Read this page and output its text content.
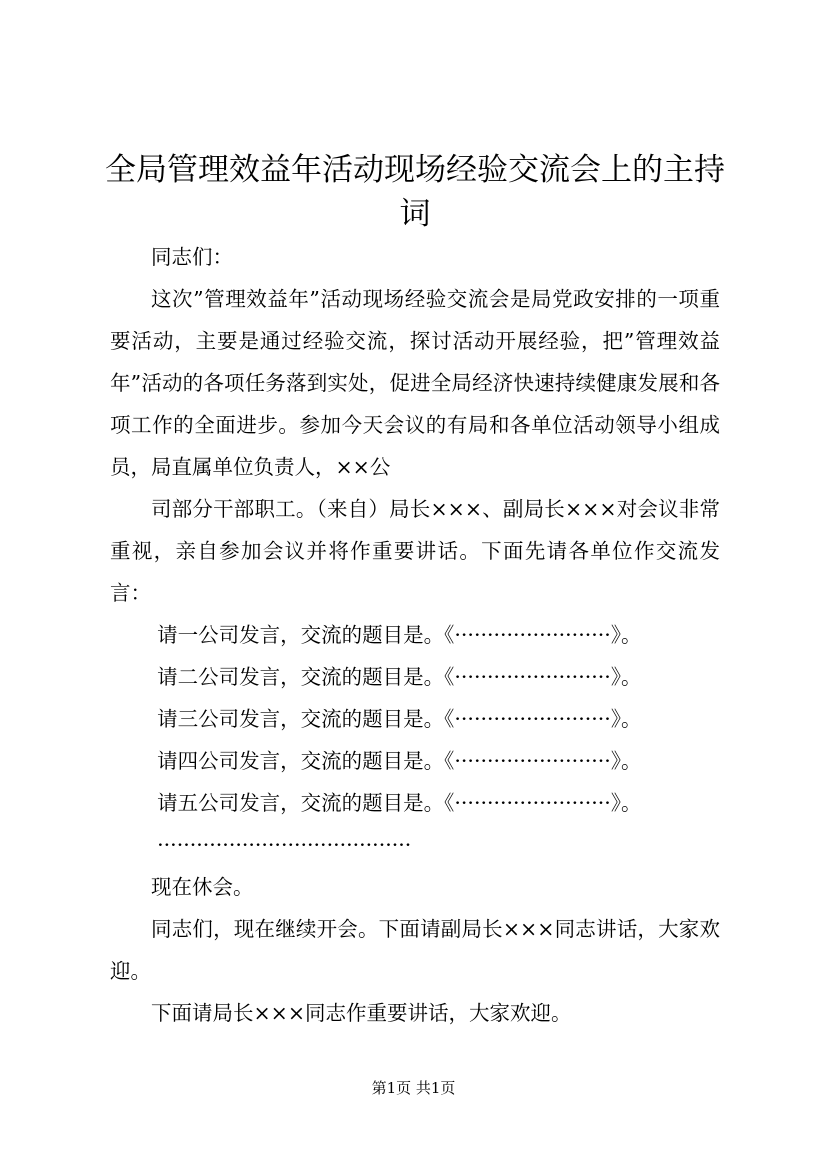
全局管理效益年活动现场经验交流会上的主持
词

同志们：

这次”管理效益年”活动现场经验交流会是局党政安排的一项重要活动，主要是通过经验交流，探讨活动开展经验，把”管理效益年”活动的各项任务落到实处，促进全局经济快速持续健康发展和各项工作的全面进步。参加今天会议的有局和各单位活动领导小组成员，局直属单位负责人，××公

司部分干部职工。（来自）局长×××、副局长×××对会议非常重视，亲自参加会议并将作重要讲话。下面先请各单位作交流发言：

请一公司发言，交流的题目是。《························》。

请二公司发言，交流的题目是。《························》。

请三公司发言，交流的题目是。《························》。

请四公司发言，交流的题目是。《························》。

请五公司发言，交流的题目是。《························》。

·······································

现在休会。

同志们，现在继续开会。下面请副局长×××同志讲话，大家欢迎。

下面请局长×××同志作重要讲话，大家欢迎。

第1页 共1页
